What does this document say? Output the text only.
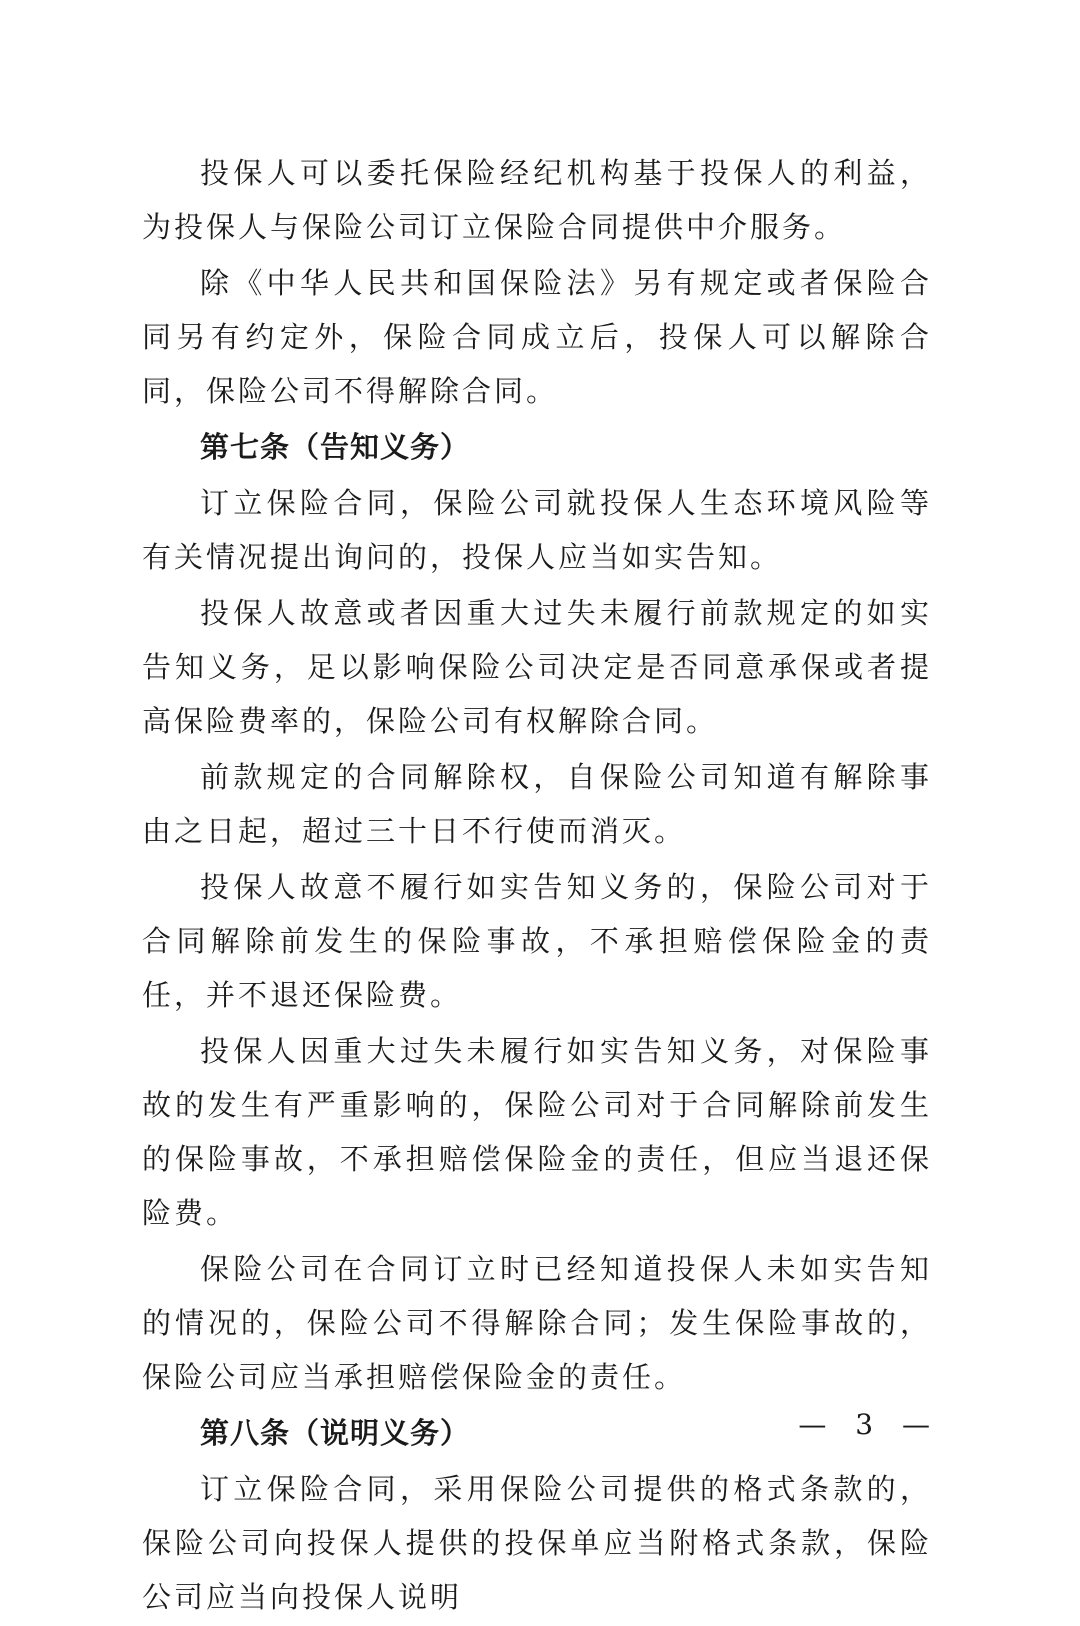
投保人可以委托保险经纪机构基于投保人的利益，为投保人与保险公司订立保险合同提供中介服务。

除《中华人民共和国保险法》另有规定或者保险合同另有约定外，保险合同成立后，投保人可以解除合同，保险公司不得解除合同。

第七条（告知义务）

订立保险合同，保险公司就投保人生态环境风险等有关情况提出询问的，投保人应当如实告知。

投保人故意或者因重大过失未履行前款规定的如实告知义务，足以影响保险公司决定是否同意承保或者提高保险费率的，保险公司有权解除合同。

前款规定的合同解除权，自保险公司知道有解除事由之日起，超过三十日不行使而消灭。

投保人故意不履行如实告知义务的，保险公司对于合同解除前发生的保险事故，不承担赔偿保险金的责任，并不退还保险费。

投保人因重大过失未履行如实告知义务，对保险事故的发生有严重影响的，保险公司对于合同解除前发生的保险事故，不承担赔偿保险金的责任，但应当退还保险费。

保险公司在合同订立时已经知道投保人未如实告知的情况的，保险公司不得解除合同；发生保险事故的，保险公司应当承担赔偿保险金的责任。

第八条（说明义务）

订立保险合同，采用保险公司提供的格式条款的，保险公司向投保人提供的投保单应当附格式条款，保险公司应当向投保人说明

— 3 —
